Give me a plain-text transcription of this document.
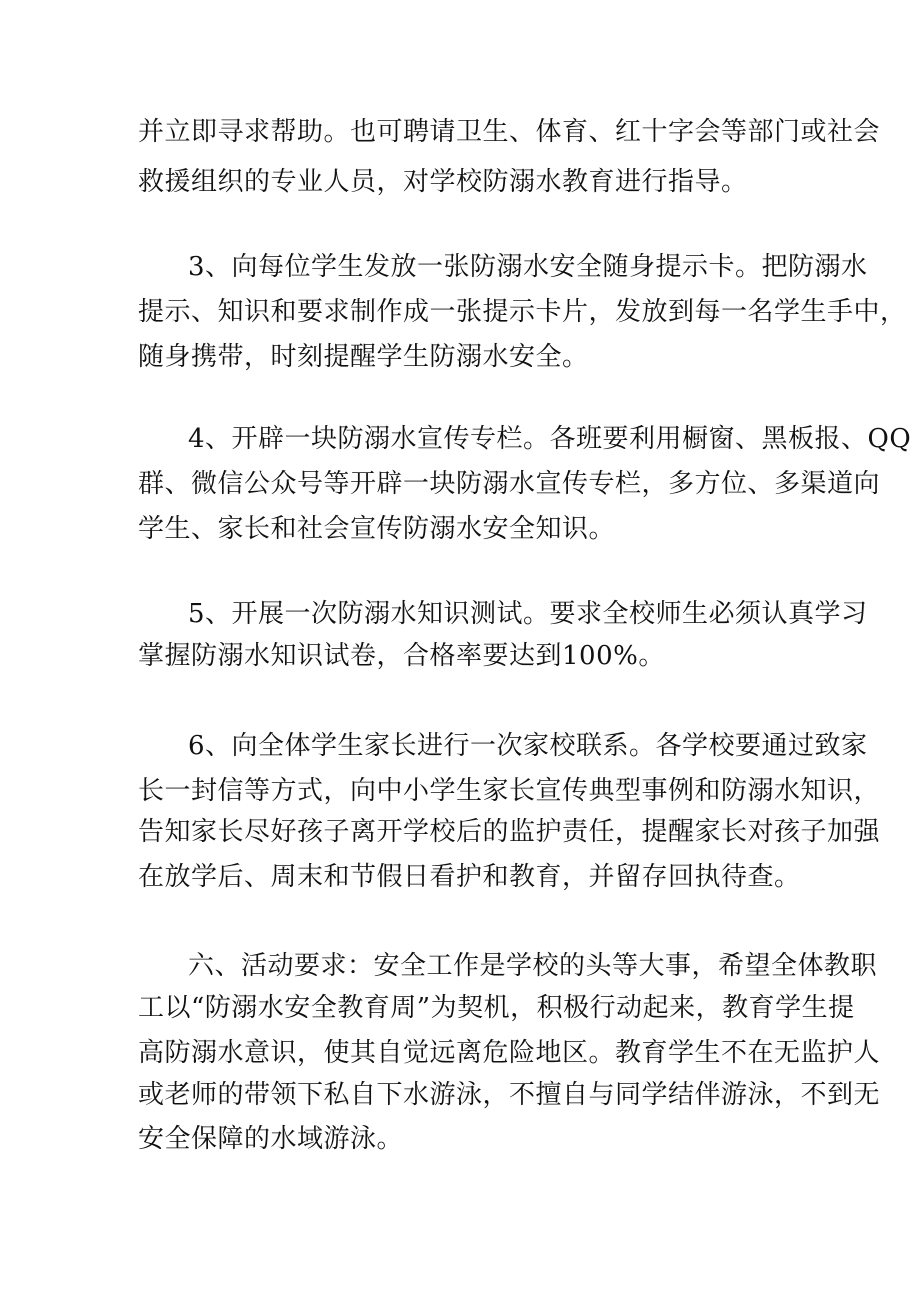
并立即寻求帮助。也可聘请卫生、体育、红十字会等部门或社会
救援组织的专业人员，对学校防溺水教育进行指导。
3、向每位学生发放一张防溺水安全随身提示卡。把防溺水
提示、知识和要求制作成一张提示卡片，发放到每一名学生手中，
随身携带，时刻提醒学生防溺水安全。
4、开辟一块防溺水宣传专栏。各班要利用橱窗、黑板报、QQ
群、微信公众号等开辟一块防溺水宣传专栏，多方位、多渠道向
学生、家长和社会宣传防溺水安全知识。
5、开展一次防溺水知识测试。要求全校师生必须认真学习
掌握防溺水知识试卷，合格率要达到100%。
6、向全体学生家长进行一次家校联系。各学校要通过致家
长一封信等方式，向中小学生家长宣传典型事例和防溺水知识，
告知家长尽好孩子离开学校后的监护责任，提醒家长对孩子加强
在放学后、周末和节假日看护和教育，并留存回执待查。
六、活动要求：安全工作是学校的头等大事，希望全体教职
工以“防溺水安全教育周”为契机，积极行动起来，教育学生提
高防溺水意识，使其自觉远离危险地区。教育学生不在无监护人
或老师的带领下私自下水游泳，不擅自与同学结伴游泳，不到无
安全保障的水域游泳。
